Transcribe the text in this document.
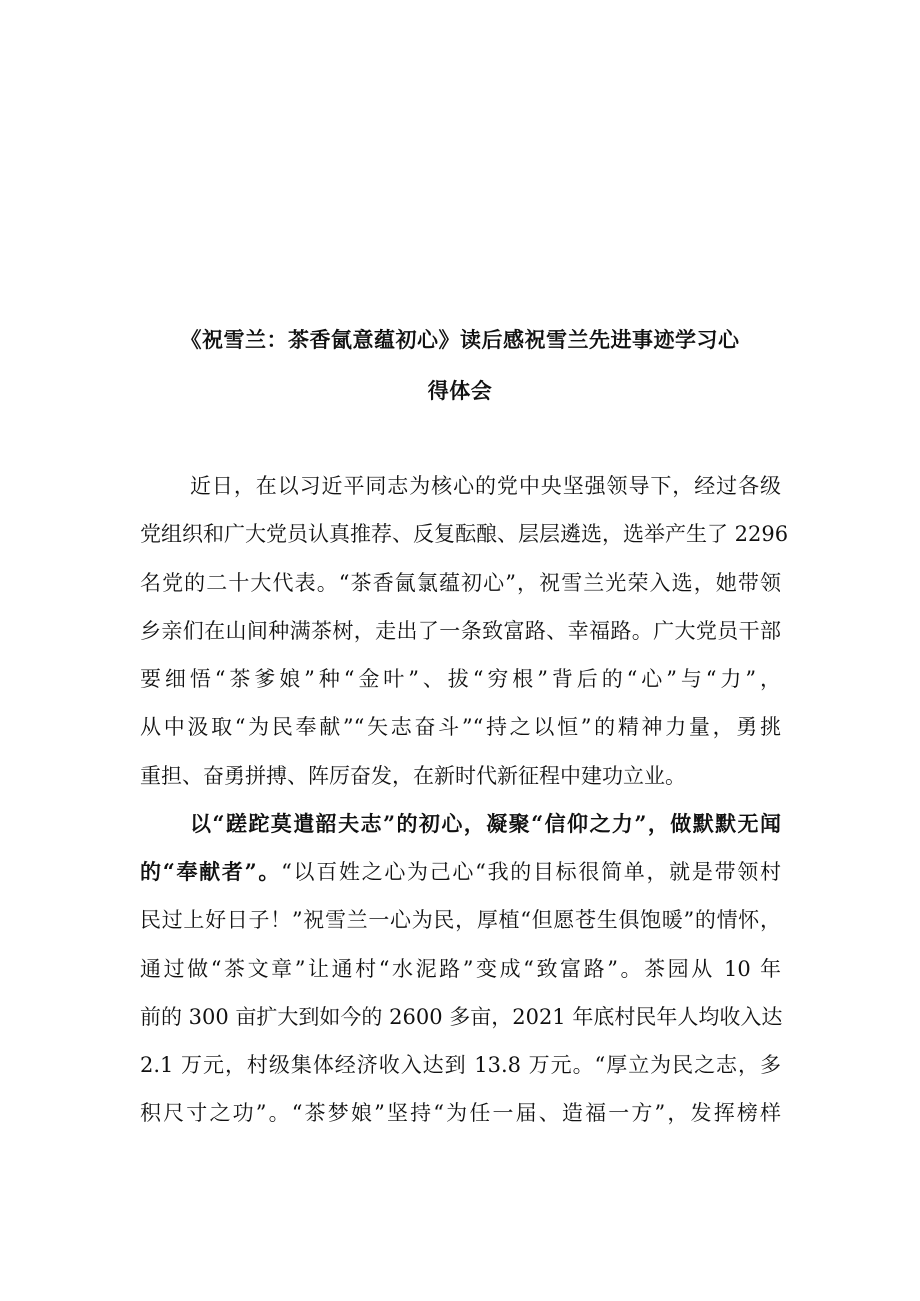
《祝雪兰：茶香氤意蕴初心》读后感祝雪兰先进事迹学习心
得体会
近日，在以习近平同志为核心的党中央坚强领导下，经过各级
党组织和广大党员认真推荐、反复酝酿、层层遴选，选举产生了 2296
名党的二十大代表。“茶香氤氯蕴初心”，祝雪兰光荣入选，她带领
乡亲们在山间种满茶树，走出了一条致富路、幸福路。广大党员干部
要细悟“茶爹娘”种“金叶”、拔“穷根”背后的“心”与“力”，
从中汲取“为民奉献”“矢志奋斗”“持之以恒”的精神力量，勇挑
重担、奋勇拼搏、阵厉奋发，在新时代新征程中建功立业。
以“蹉跎莫遣韶夫志”的初心，凝聚“信仰之力”，做默默无闻
的“奉献者”。“以百姓之心为己心“我的目标很简单，就是带领村
民过上好日子！”祝雪兰一心为民，厚植“但愿苍生俱饱暖”的情怀，
通过做“茶文章”让通村“水泥路”变成“致富路”。茶园从 10 年
前的 300 亩扩大到如今的 2600 多亩，2021 年底村民年人均收入达
2.1 万元，村级集体经济收入达到 13.8 万元。“厚立为民之志，多
积尺寸之功”。“茶梦娘”坚持“为任一届、造福一方”，发挥榜样
